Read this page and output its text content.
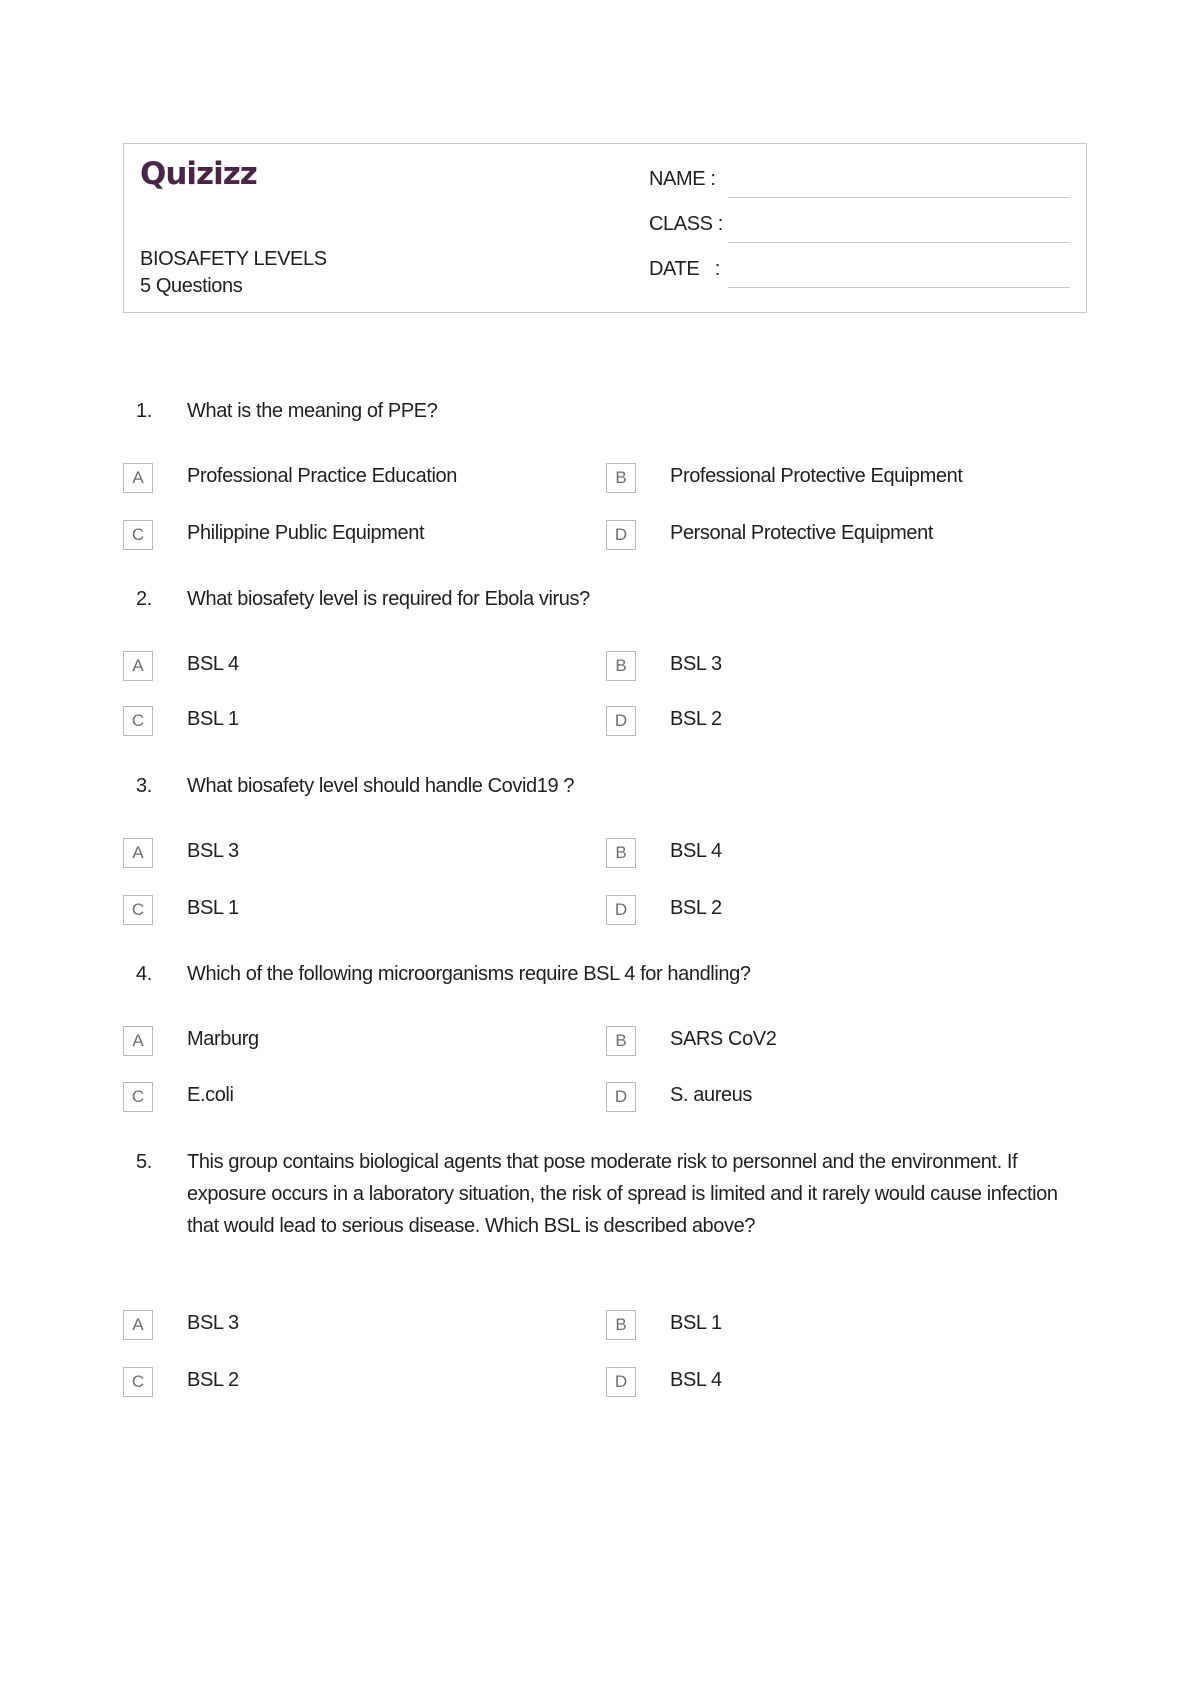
Quizizz
BIOSAFETY LEVELS
5 Questions
NAME :
CLASS :
DATE   :
1. What is the meaning of PPE?
A	Professional Practice Education	B	Professional Protective Equipment
C	Philippine Public Equipment	D	Personal Protective Equipment
2. What biosafety level is required for Ebola virus?
A	BSL 4	B	BSL 3
C	BSL 1	D	BSL 2
3. What biosafety level should handle Covid19 ?
A	BSL 3	B	BSL 4
C	BSL 1	D	BSL 2
4. Which of the following microorganisms require BSL 4 for handling?
A	Marburg	B	SARS CoV2
C	E.coli	D	S. aureus
5. This group contains biological agents that pose moderate risk to personnel and the environment. If exposure occurs in a laboratory situation, the risk of spread is limited and it rarely would cause infection that would lead to serious disease. Which BSL is described above?
A	BSL 3	B	BSL 1
C	BSL 2	D	BSL 4
